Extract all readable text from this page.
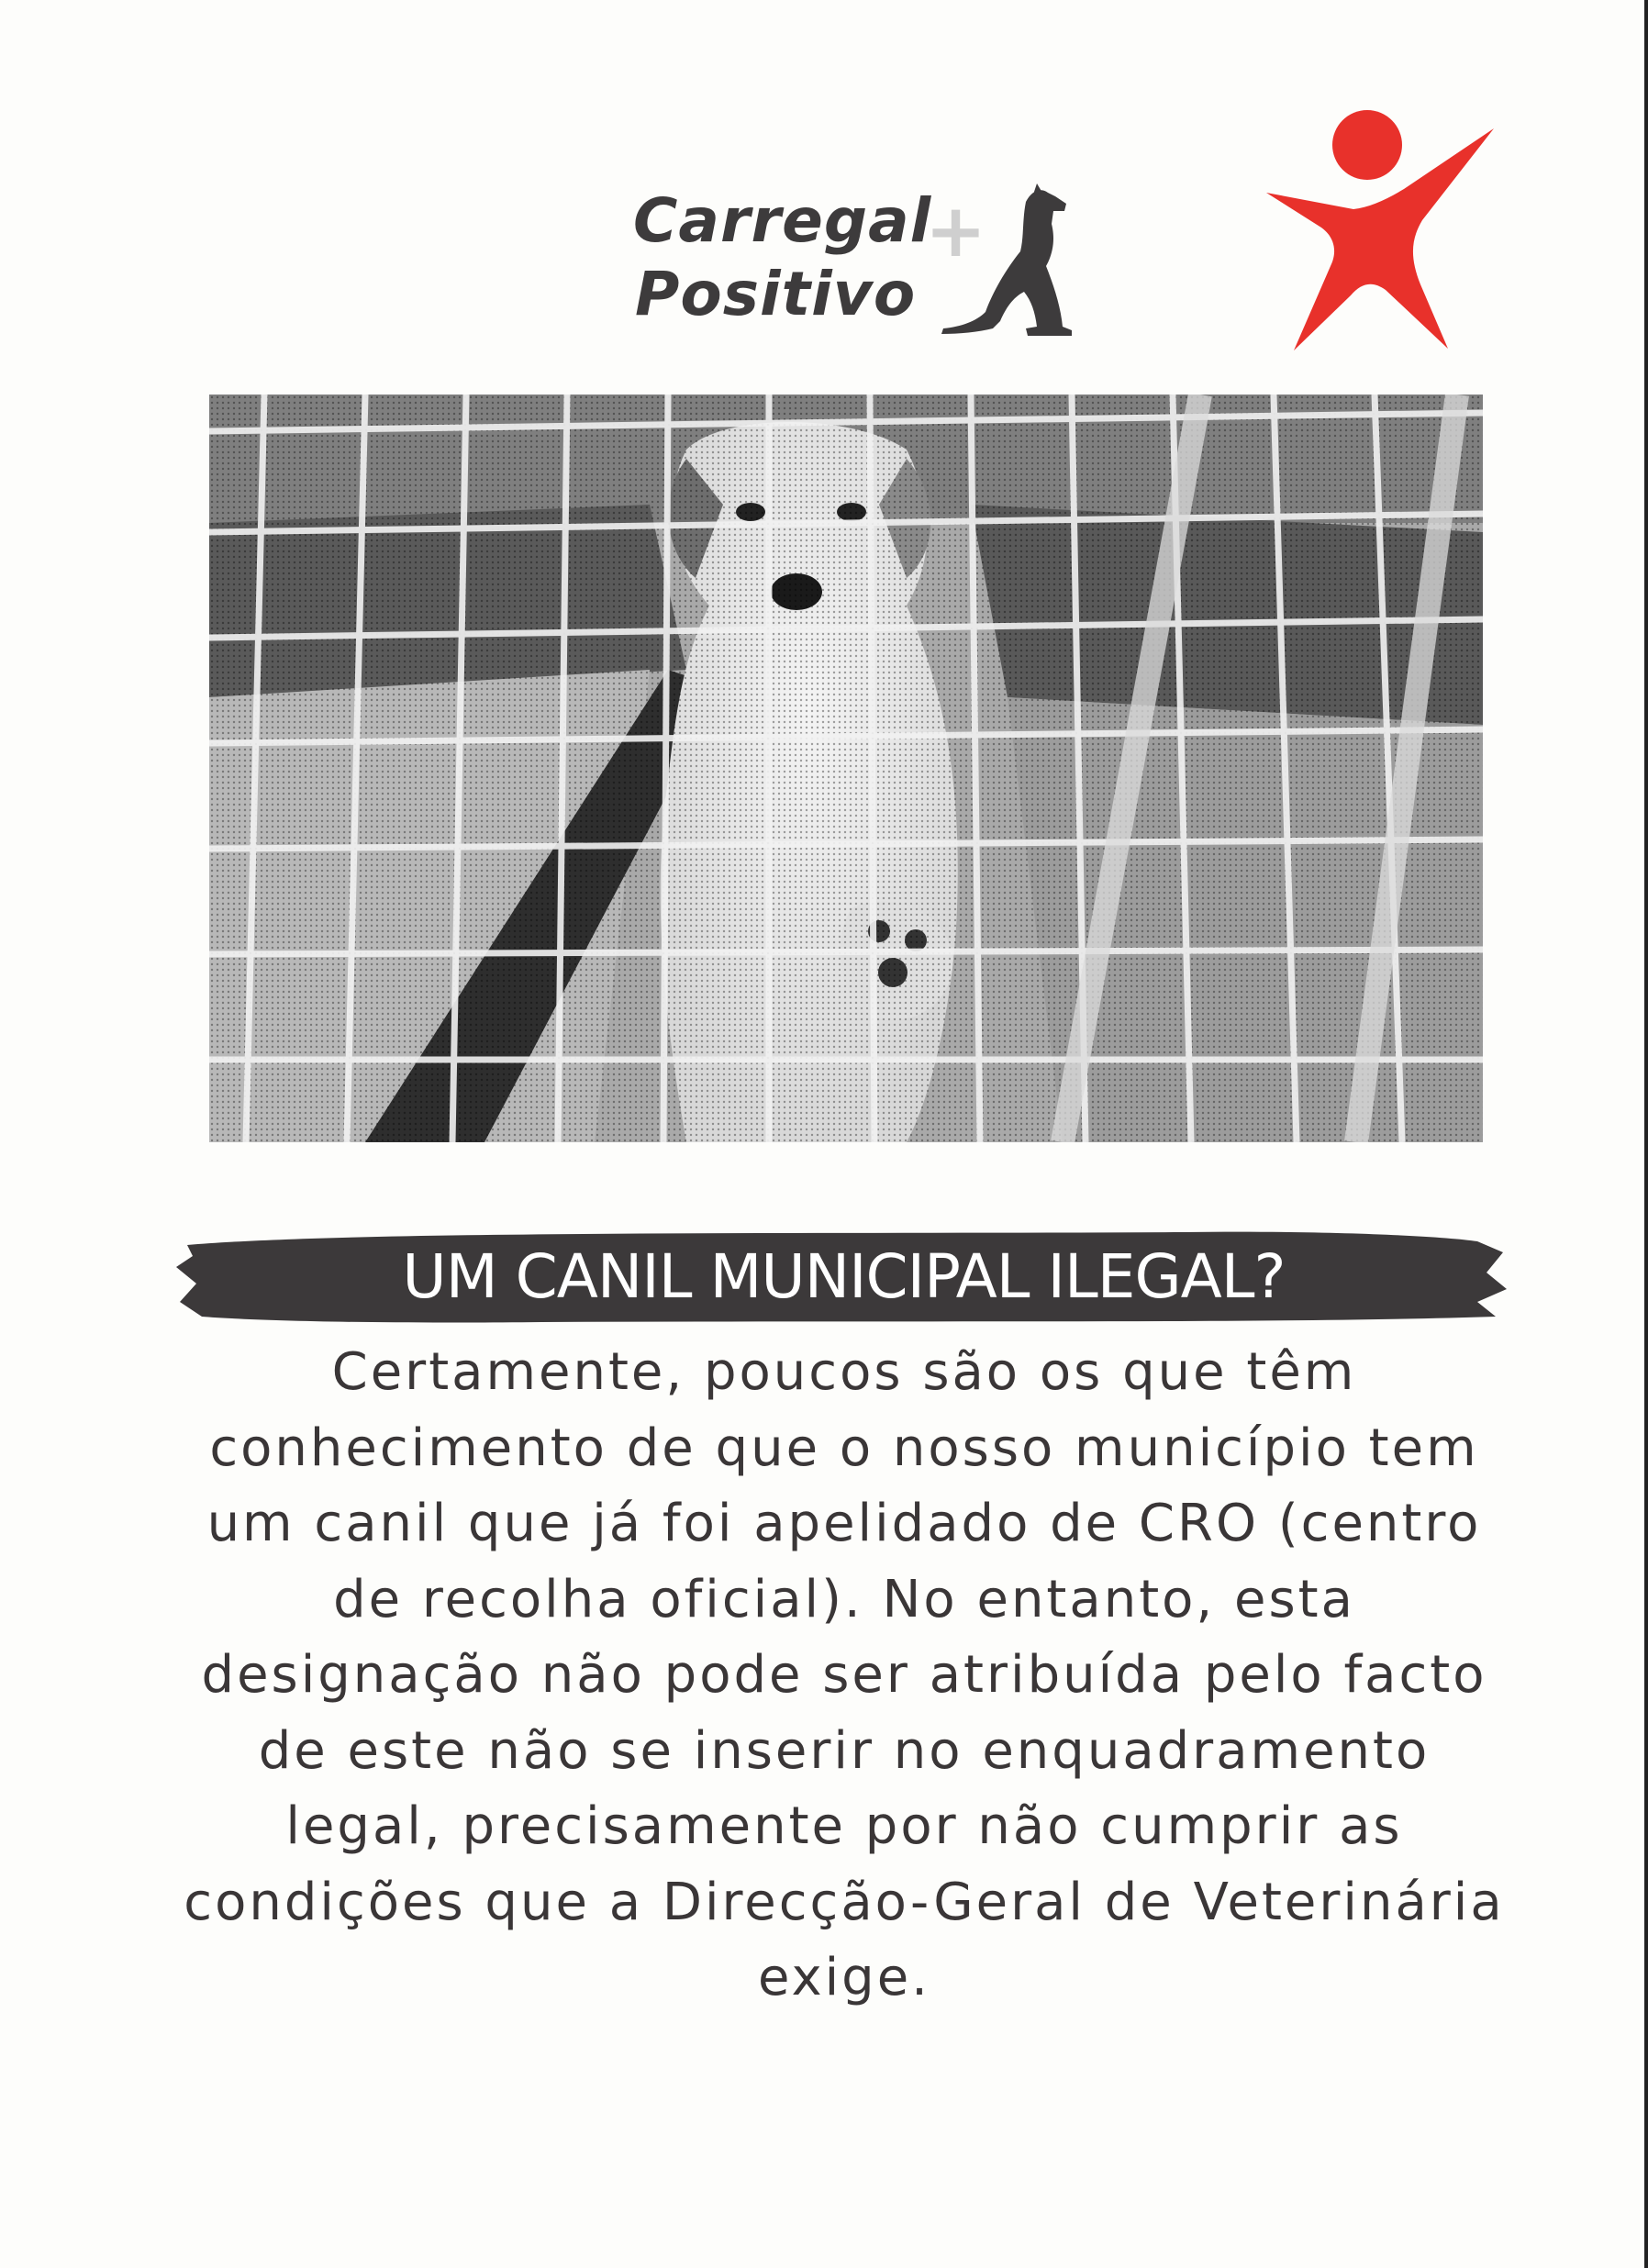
Carregal
Positivo
+
UM CANIL MUNICIPAL ILEGAL?

Certamente, poucos são os que têm conhecimento de que o nosso município tem um canil que já foi apelidado de CRO (centro de recolha oficial). No entanto, esta designação não pode ser atribuída pelo facto de este não se inserir no enquadramento legal, precisamente por não cumprir as condições que a Direcção-Geral de Veterinária exige.
